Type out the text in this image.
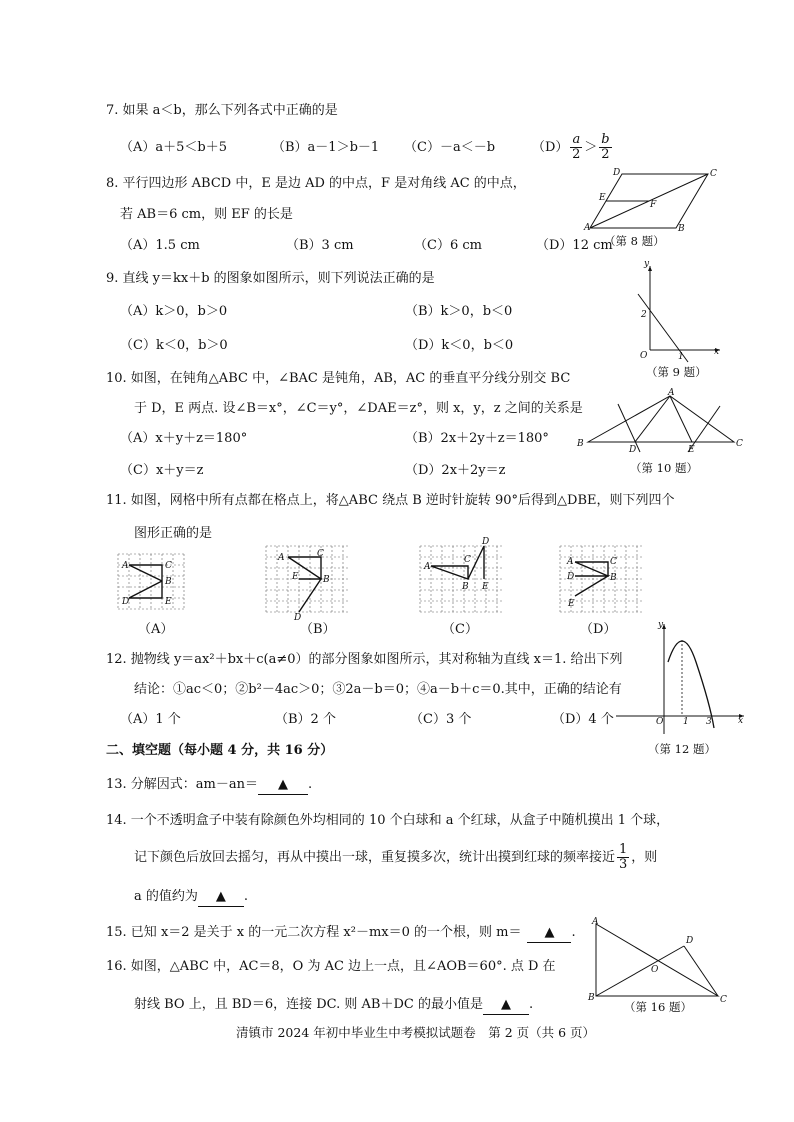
7. 如果 a＜b，那么下列各式中正确的是
（A）a＋5＜b＋5	（B）a－1＞b－1 （C）－a＜－b	$(D) \frac{a}{2} > \frac{b}{2}$
8. 平行四边形 ABCD 中，E 是边 AD 的中点，F 是对角线 AC 的中点，
若 AB＝6 cm，则 EF 的长是
（A）1.5 cm	（B）3 cm	（C）6 cm	（D）12 cm
D	C
E
F
A	B
（第 8 题）
9. 直线 y＝kx＋b 的图象如图所示，则下列说法正确的是
（A）k＞0，b＞0	（B）k＞0，b＜0
（C）k＜0，b＞0	（D）k＜0，b＜0
y
2
O	1	x
（第 9 题）
10. 如图，在钝角△ABC 中，∠BAC 是钝角，AB，AC 的垂直平分线分别交 BC
于 D，E 两点. 设∠B＝x°，∠C＝y°，∠DAE＝z°，则 x，y，z 之间的关系是
（A）x＋y＋z＝180°	（B）2x＋2y＋z＝180°
（C）x＋y＝z	（D）2x＋2y＝z
A
B
D	E
C
（第 10 题）
11. 如图，网格中所有点都在格点上，将△ABC 绕点 B 逆时针旋转 90°后得到△DBE，则下列四个
图形正确的是
A	C
B
D	E
（A）
A	C
E	B
D
（B）
D
A
C
B E
（C）
A	C
D	B
E
（D）
12. 抛物线 y＝ax²＋bx＋c(a≠0）的部分图象如图所示，其对称轴为直线 x＝1. 给出下列
结论：①ac＜0；②b²－4ac＞0；③2a－b＝0；④a－b＋c＝0.其中，正确的结论有
（A）1 个	（B）2 个	（C）3 个	（D）4 个
y
O 1 3	x
（第 12 题）
二、填空题（每小题 4 分，共 16 分）
13. 分解因式：am－an＝ ▲ .
14. 一个不透明盒子中装有除颜色外均相同的 10 个白球和 a 个红球，从盒子中随机摸出 1 个球，
记下颜色后放回去摇匀，再从中摸出一球，重复摸多次，统计出摸到红球的频率接近 $\frac{1}{3}$ ，则
a 的值约为 ▲ .
15. 已知 x＝2 是关于 x 的一元二次方程 x²－mx＝0 的一个根，则 m＝ ▲ .
16. 如图，△ABC 中，AC＝8，O 为 AC 边上一点，且∠AOB＝60°. 点 D 在
射线 BO 上，且 BD＝6，连接 DC. 则 AB＋DC 的最小值是 ▲ .
A
D
O
B	C
（第 16 题）
清镇市 2024 年初中毕业生中考模拟试题卷　第 2 页（共 6 页）
